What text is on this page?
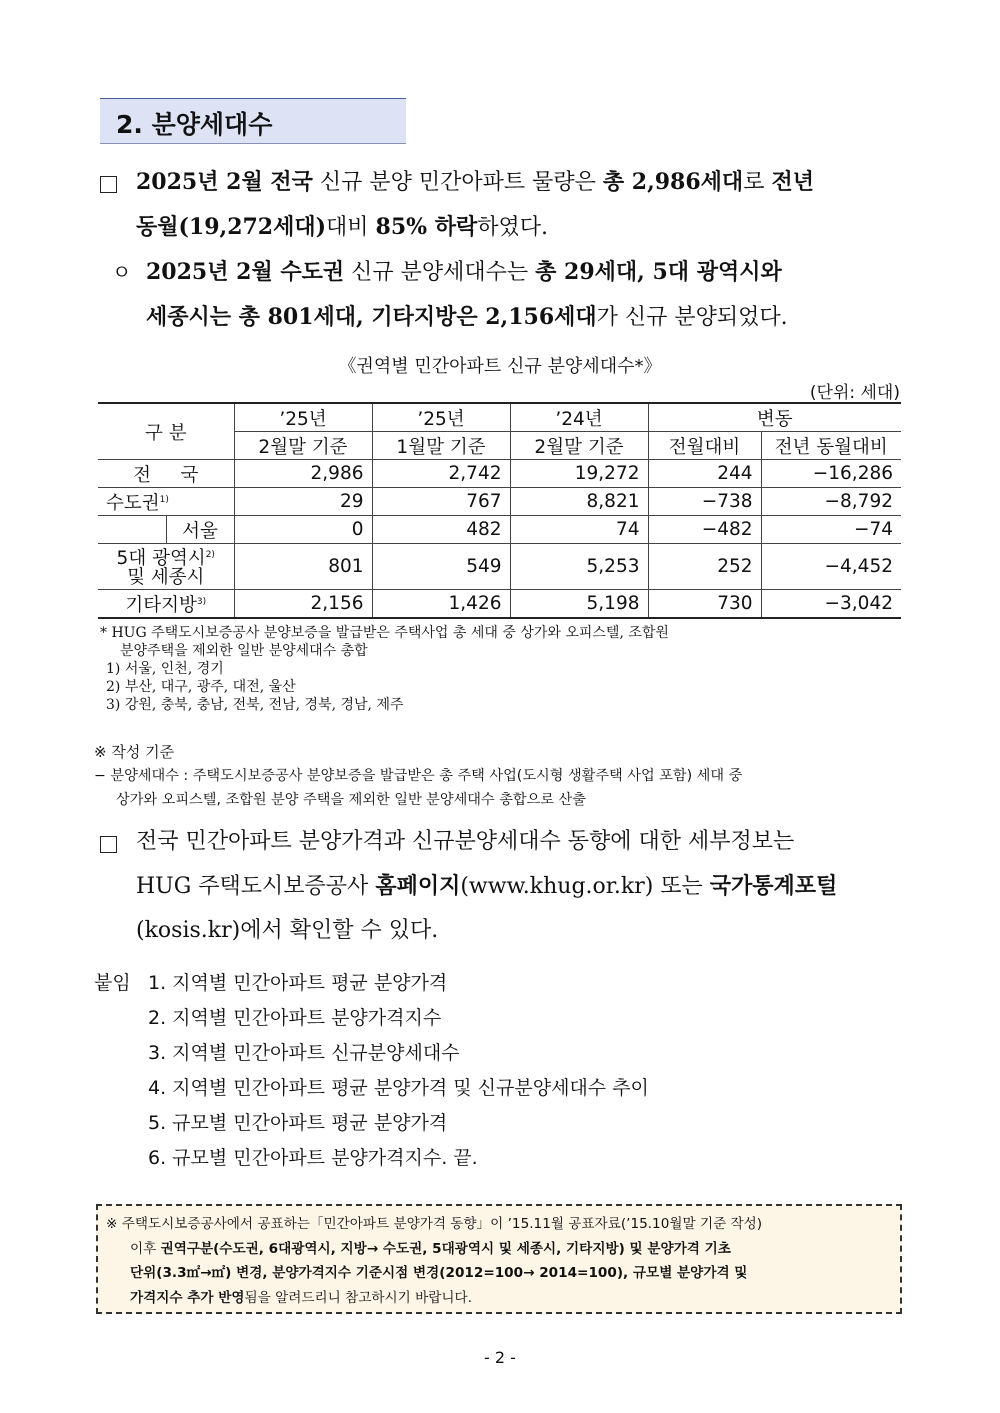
2. 분양세대수
2025년 2월 전국 신규 분양 민간아파트 물량은 총 2,986세대로 전년
동월(19,272세대)대비 85% 하락하였다.
ㅇ 2025년 2월 수도권 신규 분양세대수는 총 29세대, 5대 광역시와
세종시는 총 801세대, 기타지방은 2,156세대가 신규 분양되었다.
《권역별 민간아파트 신규 분양세대수*》
(단위: 세대)
구 분		’25년	’25년	’24년	변동	
		2월말 기준	1월말 기준	2월말 기준	전월대비	전년 동월대비
전     국		2,986	2,742	19,272	244	−16,286
수도권$^{1)}$		29	767	8,821	−738	−8,792
	서울	0	482	74	−482	−74
5대 광역시$^{2)}$
및 세종시		801	549	5,253	252	−4,452
기타지방$^{3)}$		2,156	1,426	5,198	730	−3,042
* HUG 주택도시보증공사 분양보증을 발급받은 주택사업 총 세대 중 상가와 오피스텔, 조합원
분양주택을 제외한 일반 분양세대수 총합
1) 서울, 인천, 경기
2) 부산, 대구, 광주, 대전, 울산
3) 강원, 충북, 충남, 전북, 전남, 경북, 경남, 제주
※ 작성 기준
− 분양세대수 : 주택도시보증공사 분양보증을 발급받은 총 주택 사업(도시형 생활주택 사업 포함) 세대 중
상가와 오피스텔, 조합원 분양 주택을 제외한 일반 분양세대수 총합으로 산출
전국 민간아파트 분양가격과 신규분양세대수 동향에 대한 세부정보는
HUG 주택도시보증공사 홈페이지(www.khug.or.kr) 또는 국가통계포털
(kosis.kr)에서 확인할 수 있다.
붙임 1. 지역별 민간아파트 평균 분양가격
2. 지역별 민간아파트 분양가격지수
3. 지역별 민간아파트 신규분양세대수
4. 지역별 민간아파트 평균 분양가격 및 신규분양세대수 추이
5. 규모별 민간아파트 평균 분양가격
6. 규모별 민간아파트 분양가격지수. 끝.
※ 주택도시보증공사에서 공표하는「민간아파트 분양가격 동향」이 ’15.11월 공표자료(’15.10월말 기준 작성)
이후 권역구분(수도권, 6대광역시, 지방→ 수도권, 5대광역시 및 세종시, 기타지방) 및 분양가격 기초
단위(3.3㎡→㎡) 변경, 분양가격지수 기준시점 변경(2012=100→ 2014=100), 규모별 분양가격 및
가격지수 추가 반영됨을 알려드리니 참고하시기 바랍니다.
- 2 -
